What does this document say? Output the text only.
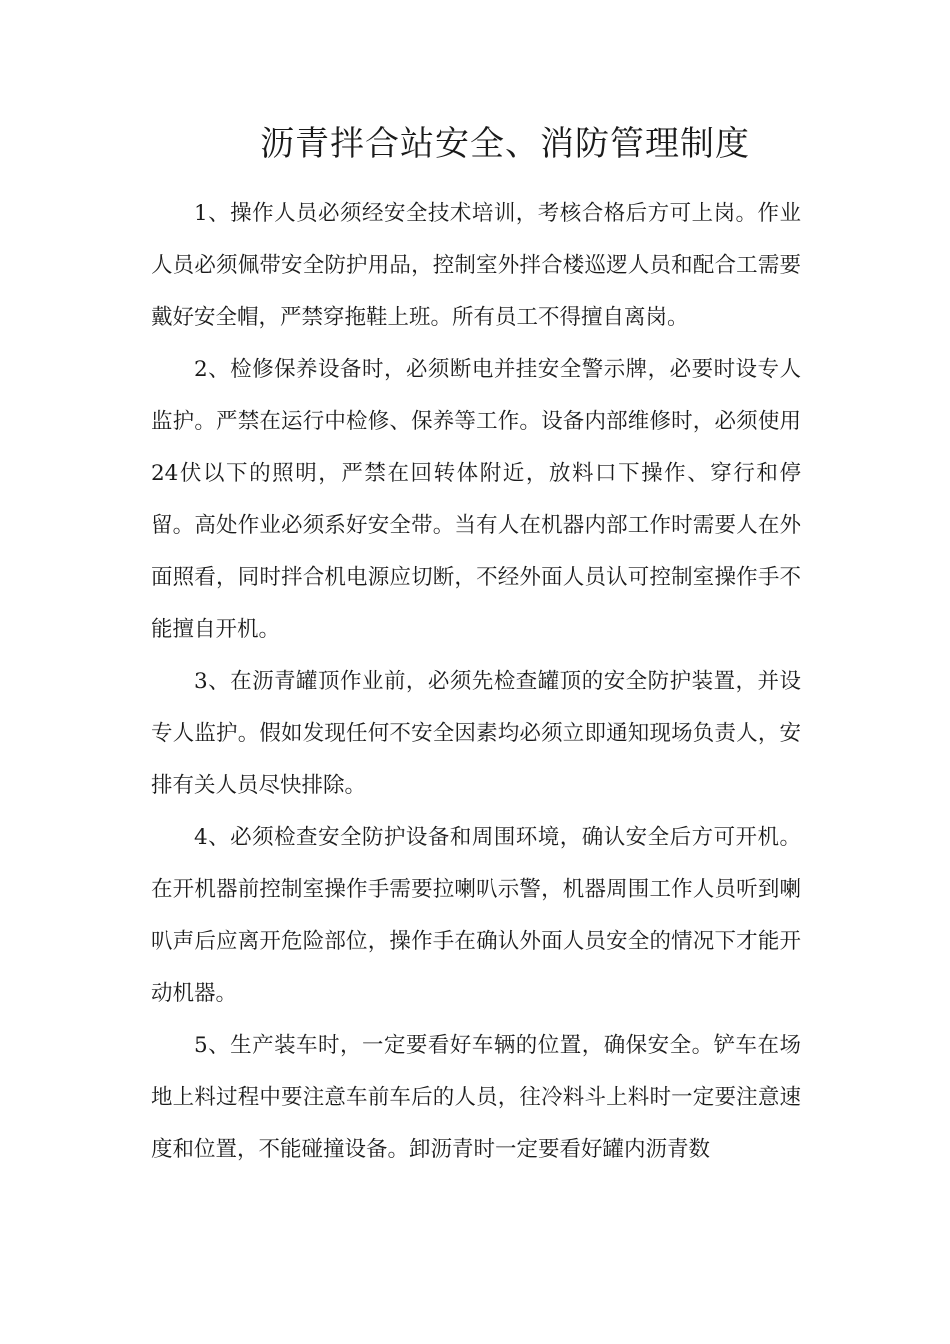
沥青拌合站安全、消防管理制度

1、操作人员必须经安全技术培训，考核合格后方可上岗。作业人员必须佩带安全防护用品，控制室外拌合楼巡逻人员和配合工需要戴好安全帽，严禁穿拖鞋上班。所有员工不得擅自离岗。

2、检修保养设备时，必须断电并挂安全警示牌，必要时设专人监护。严禁在运行中检修、保养等工作。设备内部维修时，必须使用24伏以下的照明，严禁在回转体附近，放料口下操作、穿行和停留。高处作业必须系好安全带。当有人在机器内部工作时需要人在外面照看，同时拌合机电源应切断，不经外面人员认可控制室操作手不能擅自开机。

3、在沥青罐顶作业前，必须先检查罐顶的安全防护装置，并设专人监护。假如发现任何不安全因素均必须立即通知现场负责人，安排有关人员尽快排除。

4、必须检查安全防护设备和周围环境，确认安全后方可开机。在开机器前控制室操作手需要拉喇叭示警，机器周围工作人员听到喇叭声后应离开危险部位，操作手在确认外面人员安全的情况下才能开动机器。

5、生产装车时，一定要看好车辆的位置，确保安全。铲车在场地上料过程中要注意车前车后的人员，往冷料斗上料时一定要注意速度和位置，不能碰撞设备。卸沥青时一定要看好罐内沥青数
